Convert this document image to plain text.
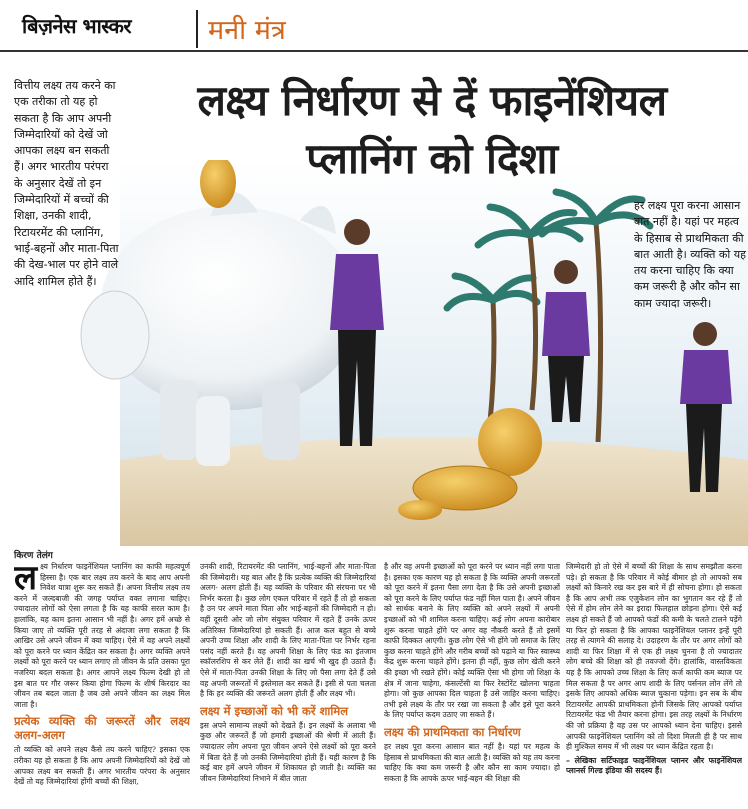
बिज़नेस भास्कर	मनी मंत्र
लक्ष्य निर्धारण से दें फाइनेंशियल
प्लानिंग को दिशा
वित्तीय लक्ष्य तय करने का एक तरीका तो यह हो सकता है कि आप अपनी जिम्मेदारियों को देखें जो आपका लक्ष्य बन सकती हैं। अगर भारतीय परंपरा के अनुसार देखें तो इन जिम्मेदारियों में बच्चों की शिक्षा, उनकी शादी, रिटायरमेंट की प्लानिंग, भाई-बहनों और माता-पिता की देख-भाल पर होने वाले आदि शामिल होते हैं।
हर लक्ष्य पूरा करना आसान बात नहीं है। यहां पर महत्व के हिसाब से प्राथमिकता की बात आती है। व्यक्ति को यह तय करना चाहिए कि क्या कम जरूरी है और कौन सा काम ज्यादा जरूरी।
किरण तेलंग

लक्ष्य निर्धारण फाइनेंशियल प्लानिंग का काफी महत्वपूर्ण हिस्सा है। एक बार लक्ष्य तय करने के बाद आप अपनी निवेश यात्रा शुरू कर सकते हैं। अपना वित्तीय लक्ष्य तय करने में जल्दबाजी की जगह पर्याप्त वक्त लगाना चाहिए। ज्यादातर लोगों को ऐसा लगता है कि यह काफी सरल काम है। हालांकि, यह काम इतना आसान भी नहीं है। अगर हमें अच्छे से किया जाए तो व्यक्ति पूरी तरह से अंदाजा लगा सकता है कि आखिर उसे अपने जीवन में क्या चाहिए। ऐसे में वह अपने लक्ष्यों को पूरा करने पर ध्यान केंद्रित कर सकता है। अगर व्यक्ति अपने लक्ष्यों को पूरा करने पर ध्यान लगाए तो जीवन के प्रति उसका पूरा नजरिया बदल सकता है। अगर आपने लक्ष्य फिल्म देखी हो तो इस बात पर गौर जरूर किया होगा फिल्म के शीर्ष किरदार का जीवन तब बदल जाता है जब उसे अपने जीवन का लक्ष्य मिल जाता है।

प्रत्येक व्यक्ति की जरूरतें और लक्ष्य अलग-अलग

तो व्यक्ति को अपने लक्ष्य कैसे तय करने चाहिए? इसका एक तरीका यह हो सकता है कि आप अपनी जिम्मेदारियों को देखें जो आपका लक्ष्य बन सकती हैं। अगर भारतीय परंपरा के अनुसार देखें तो यह जिम्मेदारियां होंगी बच्चों की शिक्षा,

उनकी शादी, रिटायरमेंट की प्लानिंग, भाई-बहनों और माता-पिता की जिम्मेदारी। यह बात और है कि प्रत्येक व्यक्ति की जिम्मेदारियां अलग- अलग होती हैं। यह व्यक्ति के परिवार की संरचना पर भी निर्भर करता है। कुछ लोग एकल परिवार में रहते हैं तो हो सकता है उन पर अपने माता पिता और भाई-बहनों की जिम्मेदारी न हो। वहीं दूसरी ओर जो लोग संयुक्त परिवार में रहते हैं उनके ऊपर अतिरिक्त जिम्मेदारियां हो सकती हैं। आज कल बहुत से बच्चे अपनी उच्च शिक्षा और शादी के लिए माता-पिता पर निर्भर रहना पसंद नहीं करते हैं। वह अपनी शिक्षा के लिए फंड का इंतजाम स्कॉलरशिप से कर लेते हैं। शादी का खर्च भी खुद ही उठाते हैं। ऐसे में माता-पिता उनकी शिक्षा के लिए जो पैसा लगा देते हैं उसे वह अपनी जरूरतों में इस्तेमाल कर सकते हैं। इसी से पता चलता है कि हर व्यक्ति की जरूरतें अलग होती हैं और लक्ष्य भी।

लक्ष्य में इच्छाओं को भी करें शामिल

इस अपने सामान्य लक्ष्यों को देखते हैं। इन लक्ष्यों के अलावा भी कुछ और जरूरतें हैं जो हमारी इच्छाओं की श्रेणी में आती हैं। ज्यादातर लोग अपना पूरा जीवन अपने ऐसे लक्ष्यों को पूरा करने में बिता देते हैं जो उनकी जिम्मेदारियां होती हैं। यही कारण है कि कई बार हमें अपने जीवन में शिकायत हो जाती है। व्यक्ति का जीवन जिम्मेदारियां निभाने में बीत जाता

है और वह अपनी इच्छाओं को पूरा करने पर ध्यान नहीं लगा पाता है। इसका एक कारण यह हो सकता है कि व्यक्ति अपनी जरूरतों को पूरा करने में इतना पैसा लगा देता है कि उसे अपनी इच्छाओं को पूरा करने के लिए पर्याप्त फंड नहीं मिल पाता है। अपने जीवन को सार्थक बनाने के लिए व्यक्ति को अपने लक्ष्यों में अपनी इच्छाओं को भी शामिल करना चाहिए। कई लोग अपना कारोबार शुरू करना चाहते होंगे पर अगर वह नौकरी करते हैं तो इसमें काफी दिक्कत आएगी। कुछ लोग ऐसे भी होंगे जो समाज के लिए कुछ करना चाहते होंगे और गरीब बच्चों को पढ़ाने या फिर स्वास्थ्य केंद्र शुरू करना चाहते होंगे। इतना ही नहीं, कुछ लोग खेती करने की इच्छा भी रखते होंगे। कोई व्यक्ति ऐसा भी होगा जो शिक्षा के क्षेत्र में जाना चाहेगा, कंसल्टेंसी या फिर रेस्टोरेंट खोलना चाहता होगा। जो कुछ आपका दिल चाहता है उसे जाहिर करना चाहिए। तभी इसे लक्ष्य के तौर पर रखा जा सकता है और इसे पूरा करने के लिए पर्याप्त कदम उठाए जा सकते हैं।

लक्ष्य की प्राथमिकता का निर्धारण

हर लक्ष्य पूरा करना आसान बात नहीं है। यहां पर महत्व के हिसाब से प्राथमिकता की बात आती है। व्यक्ति को यह तय करना चाहिए कि क्या कम जरूरी है और कौन सा काम ज्यादा। हो सकता है कि आपके ऊपर भाई-बहन की शिक्षा की

जिम्मेदारी हो तो ऐसे में बच्चों की शिक्षा के साथ समझौता करना पड़े। हो सकता है कि परिवार में कोई बीमार हो तो आपको सब लक्ष्यों को किनारे रख कर इस बारे में ही सोचना होगा। हो सकता है कि आप अभी तक एजुकेशन लोन का भुगतान कर रहे हैं तो ऐसे में होम लोन लेने का इरादा फिलहाल छोड़ना होगा। ऐसे कई लक्ष्य हो सकते हैं जो आपको फंडों की कमी के चलते टालने पड़ेंगे या फिर हो सकता है कि आपका फाइनेंशियल प्लानर इन्हें पूरी तरह से त्यागने की सलाह दे। उदाहरण के तौर पर अगर लोगों को शादी या फिर शिक्षा में से एक ही लक्ष्य चुनना है तो ज्यादातर लोग बच्चे की शिक्षा को ही तवज्जो देंगे। हालांकि, वास्तविकता यह है कि आपको उच्च शिक्षा के लिए कर्ज काफी कम ब्याज पर मिल सकता है पर अगर आप शादी के लिए पर्सनल लोन लेंगे तो इसके लिए आपको अधिक ब्याज चुकाना पड़ेगा। इन सब के बीच रिटायरमेंट आपकी प्राथमिकता होनी जिसके लिए आपको पर्याप्त रिटायरमेंट फंड भी तैयार करना होगा। इस तरह लक्ष्यों के निर्धारण की जो प्रक्रिया है वह उस पर आपको ध्यान देना चाहिए। इससे आपकी फाइनेंशियल प्लानिंग को तो दिशा मिलती ही है पर साथ ही मुश्किल समय में भी लक्ष्य पर ध्यान केंद्रित रहता है।

– लेखिका सर्टिफाइड फाइनेंशियल प्लानर और फाइनेंशियल प्लानर्स गिल्ड इंडिया की सदस्य हैं।
